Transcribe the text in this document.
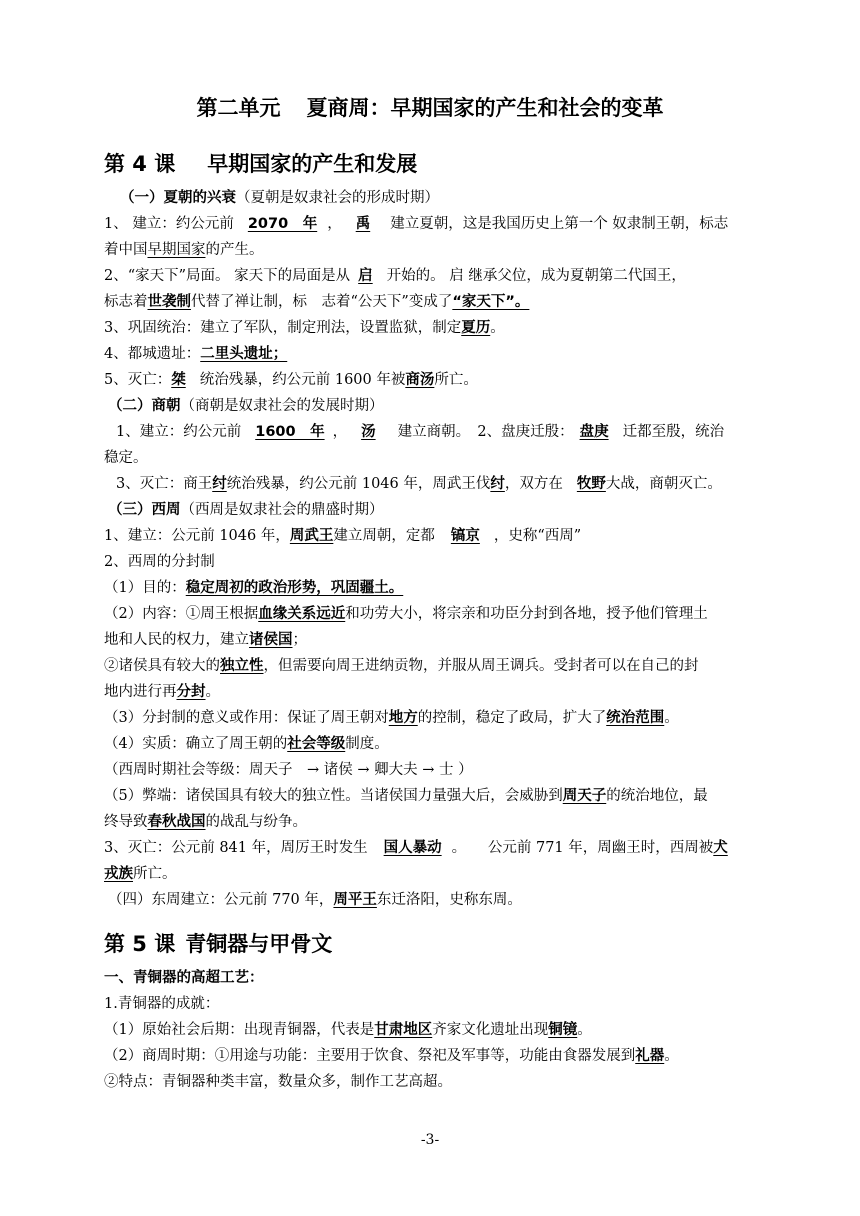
第二单元 夏商周：早期国家的产生和社会的变革
第 4 课 早期国家的产生和发展
（一）夏朝的兴衰（夏朝是奴隶社会的形成时期）
1、 建立：约公元前 2070　年 ， 禹 建立夏朝，这是我国历史上第一个 奴隶制王朝，标志
着中国早期国家的产生。
2、“家天下”局面。 家天下的局面是从 启 开始的。 启 继承父位，成为夏朝第二代国王，
标志着世袭制代替了禅让制，标　志着“公天下”变成了“家天下”。
3、巩固统治：建立了军队，制定刑法，设置监狱，制定夏历。
4、都城遗址：二里头遗址；
5、灭亡：桀 统治残暴，约公元前 1600 年被商汤所亡。
（二）商朝（商朝是奴隶社会的发展时期）
1、建立：约公元前 1600　年 ， 汤 建立商朝。　2、盘庚迁殷： 盘庚 迁都至殷，统治
稳定。
3、灭亡：商王纣统治残暴，约公元前 1046 年，周武王伐纣，双方在 牧野大战，商朝灭亡。
（三）西周（西周是奴隶社会的鼎盛时期）
1、建立：公元前 1046 年，周武王建立周朝，定都 镐京 ，史称“西周”
2、西周的分封制
（1）目的：稳定周初的政治形势，巩固疆土。
（2）内容：①周王根据血缘关系远近和功劳大小，将宗亲和功臣分封到各地，授予他们管理土
地和人民的权力，建立诸侯国；
②诸侯具有较大的独立性，但需要向周王进纳贡物，并服从周王调兵。受封者可以在自己的封
地内进行再分封。
（3）分封制的意义或作用：保证了周王朝对地方的控制，稳定了政局，扩大了统治范围。
（4）实质：确立了周王朝的社会等级制度。
（西周时期社会等级：周天子　→ 诸侯 → 卿大夫 → 士 ）
（5）弊端：诸侯国具有较大的独立性。当诸侯国力量强大后，会威胁到周天子的统治地位，最
终导致春秋战国的战乱与纷争。
3、灭亡：公元前 841 年，周厉王时发生 国人暴动 。　　公元前 771 年，周幽王时，西周被犬
戎族所亡。
（四）东周建立：公元前 770 年，周平王东迁洛阳，史称东周。
第 5 课 青铜器与甲骨文
一、青铜器的高超工艺：
1.青铜器的成就：
（1）原始社会后期：出现青铜器，代表是甘肃地区齐家文化遗址出现铜镜。
（2）商周时期：①用途与功能：主要用于饮食、祭祀及军事等，功能由食器发展到礼器。
②特点：青铜器种类丰富，数量众多，制作工艺高超。
-3-
